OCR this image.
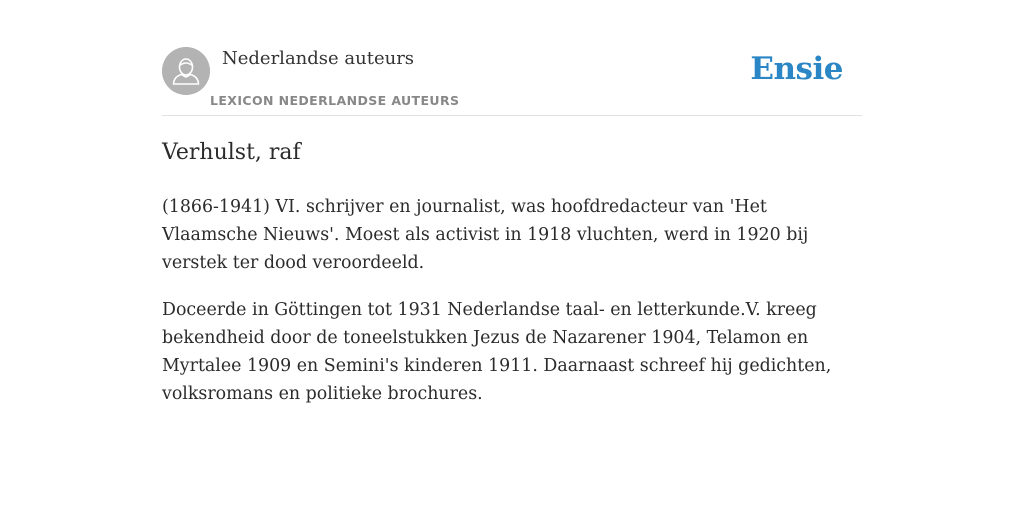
Nederlandse auteurs
LEXICON NEDERLANDSE AUTEURS
Ensie
Verhulst, raf

(1866-1941) VI. schrijver en journalist, was hoofdredacteur van 'Het Vlaamsche Nieuws'. Moest als activist in 1918 vluchten, werd in 1920 bij verstek ter dood veroordeeld.

Doceerde in Göttingen tot 1931 Nederlandse taal- en letterkunde.V. kreeg bekendheid door de toneelstukken Jezus de Nazarener 1904, Telamon en Myrtalee 1909 en Semini's kinderen 1911. Daarnaast schreef hij gedichten, volksromans en politieke brochures.
